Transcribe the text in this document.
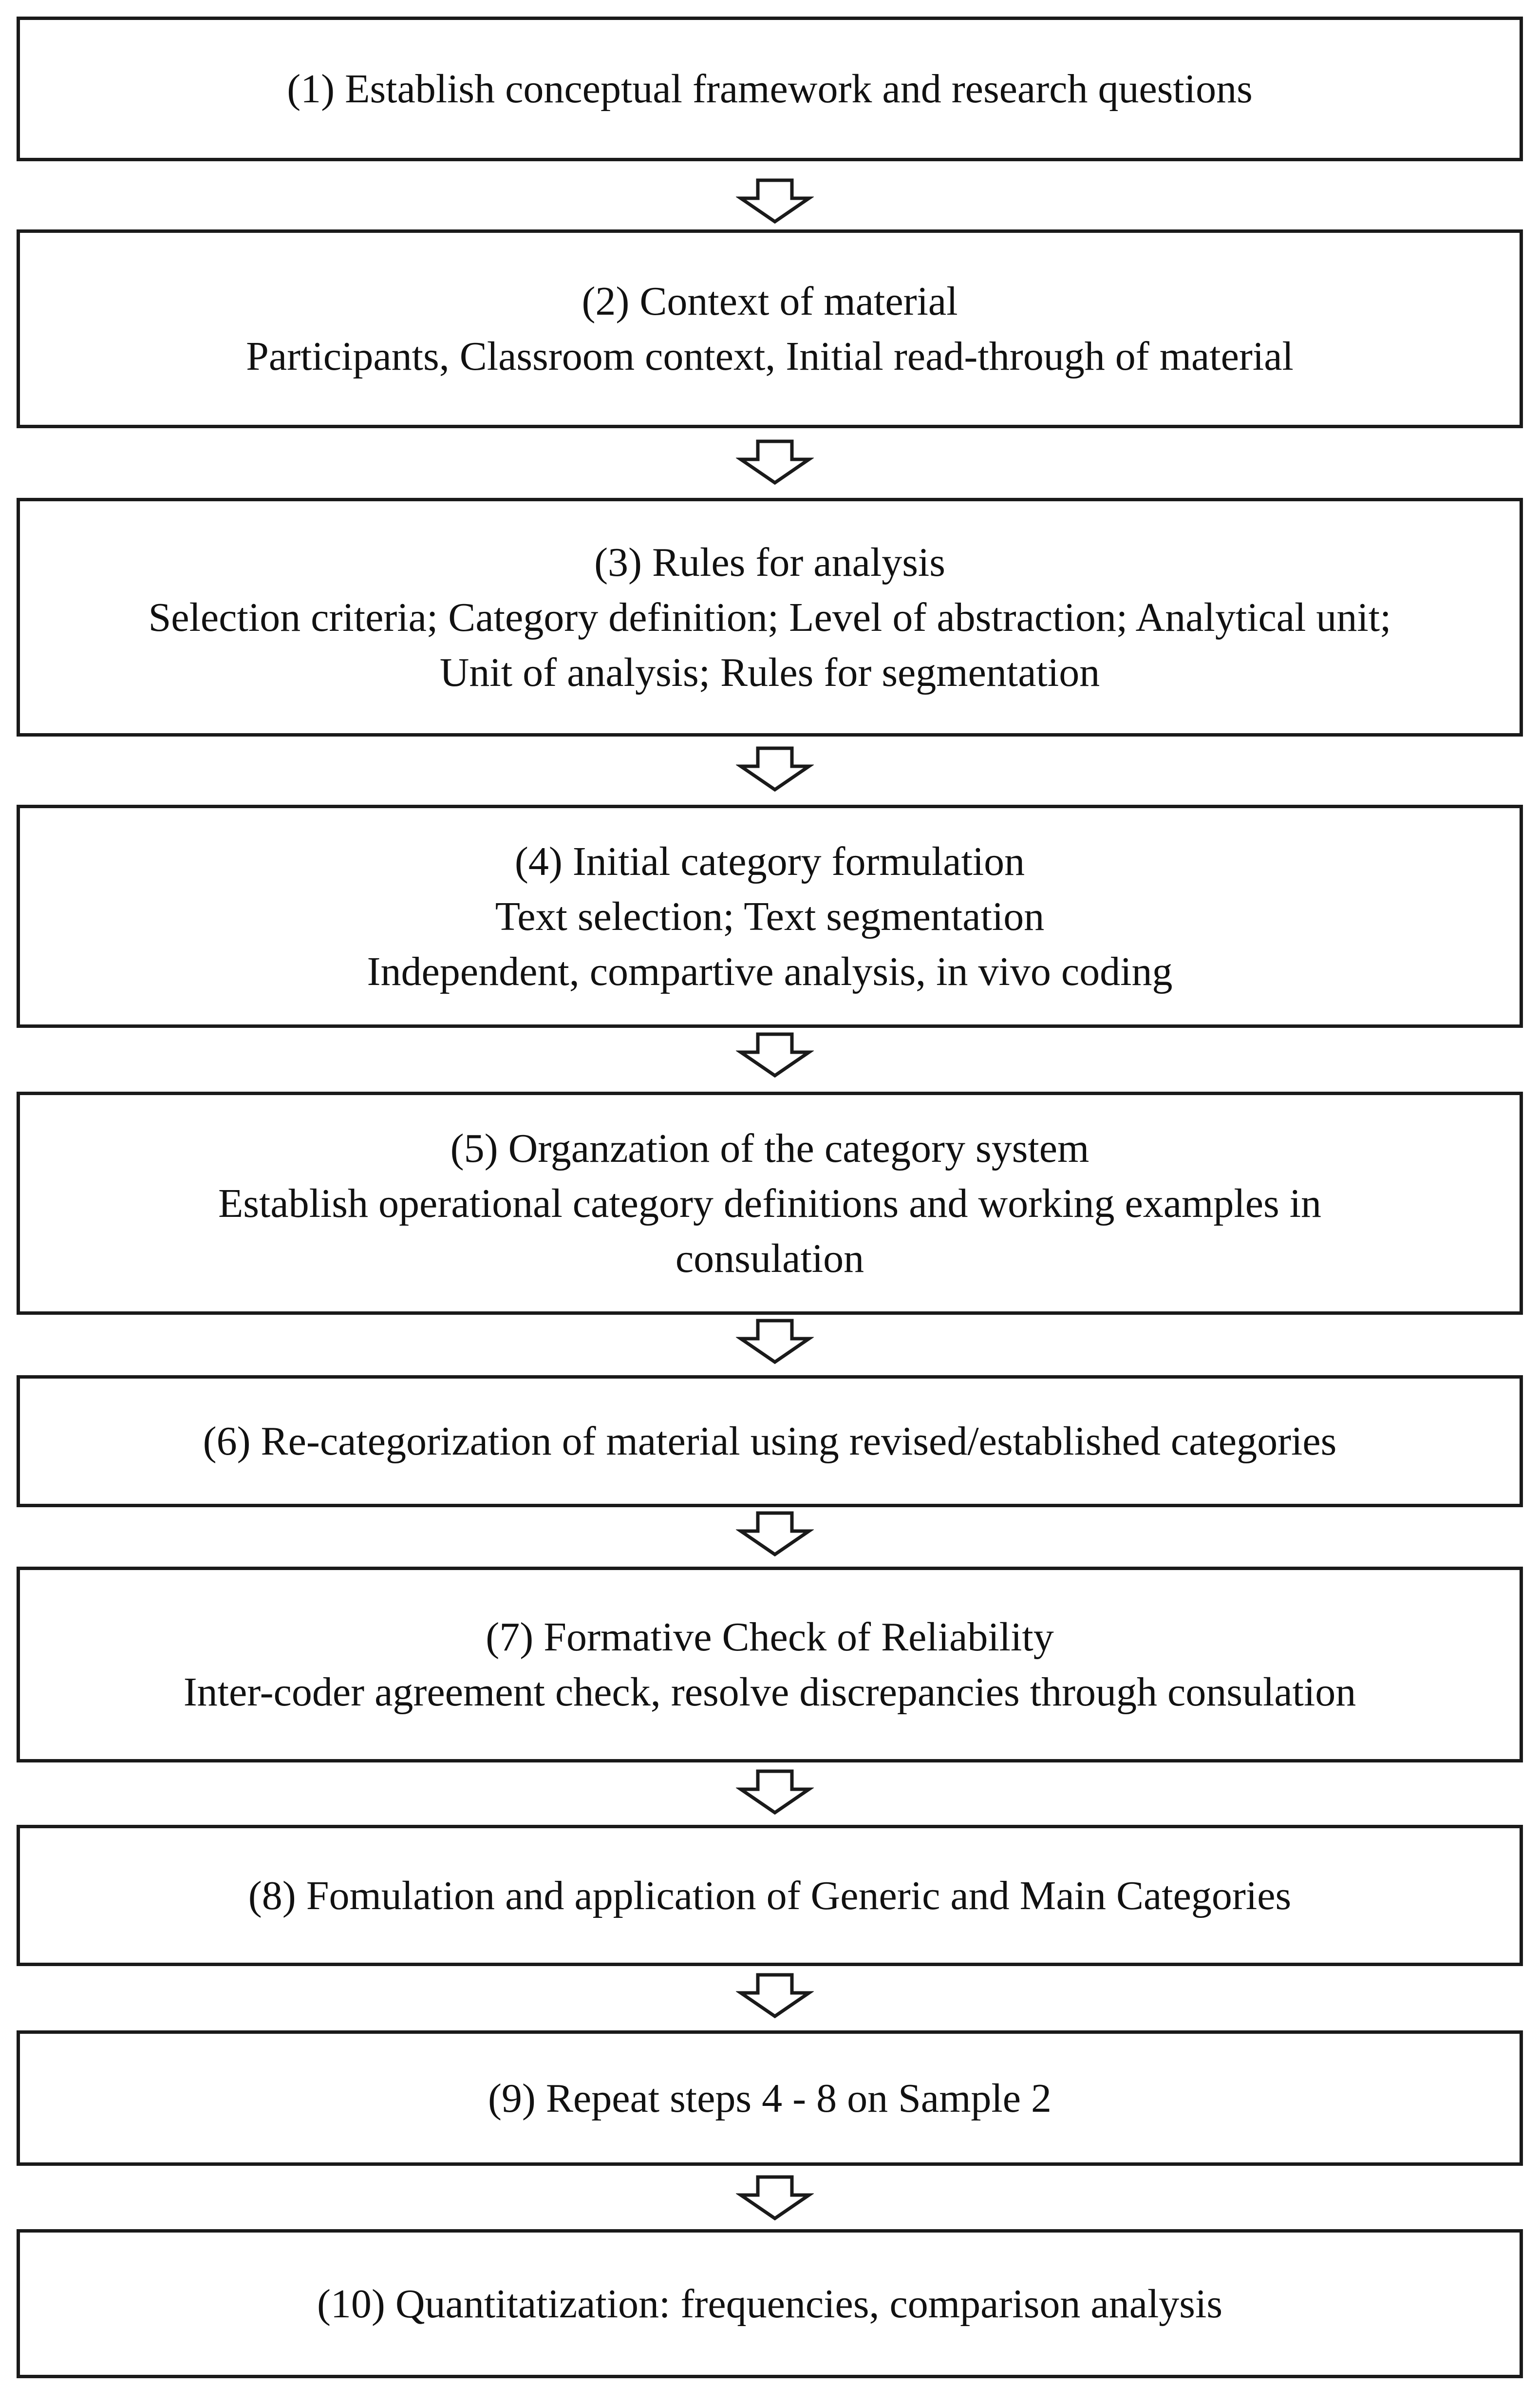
(1) Establish conceptual framework and research questions
(2) Context of material
Participants, Classroom context, Initial read-through of material
(3) Rules for analysis
Selection criteria; Category definition; Level of abstraction; Analytical unit;
Unit of analysis; Rules for segmentation
(4) Initial category formulation
Text selection; Text segmentation
Independent, compartive analysis, in vivo coding
(5) Organzation of the category system
Establish operational category definitions and working examples in
consulation
(6) Re-categorization of material using revised/established categories
(7) Formative Check of Reliability
Inter-coder agreement check, resolve discrepancies through consulation
(8) Fomulation and application of Generic and Main Categories
(9) Repeat steps 4 - 8 on Sample 2
(10) Quantitatization: frequencies, comparison analysis
